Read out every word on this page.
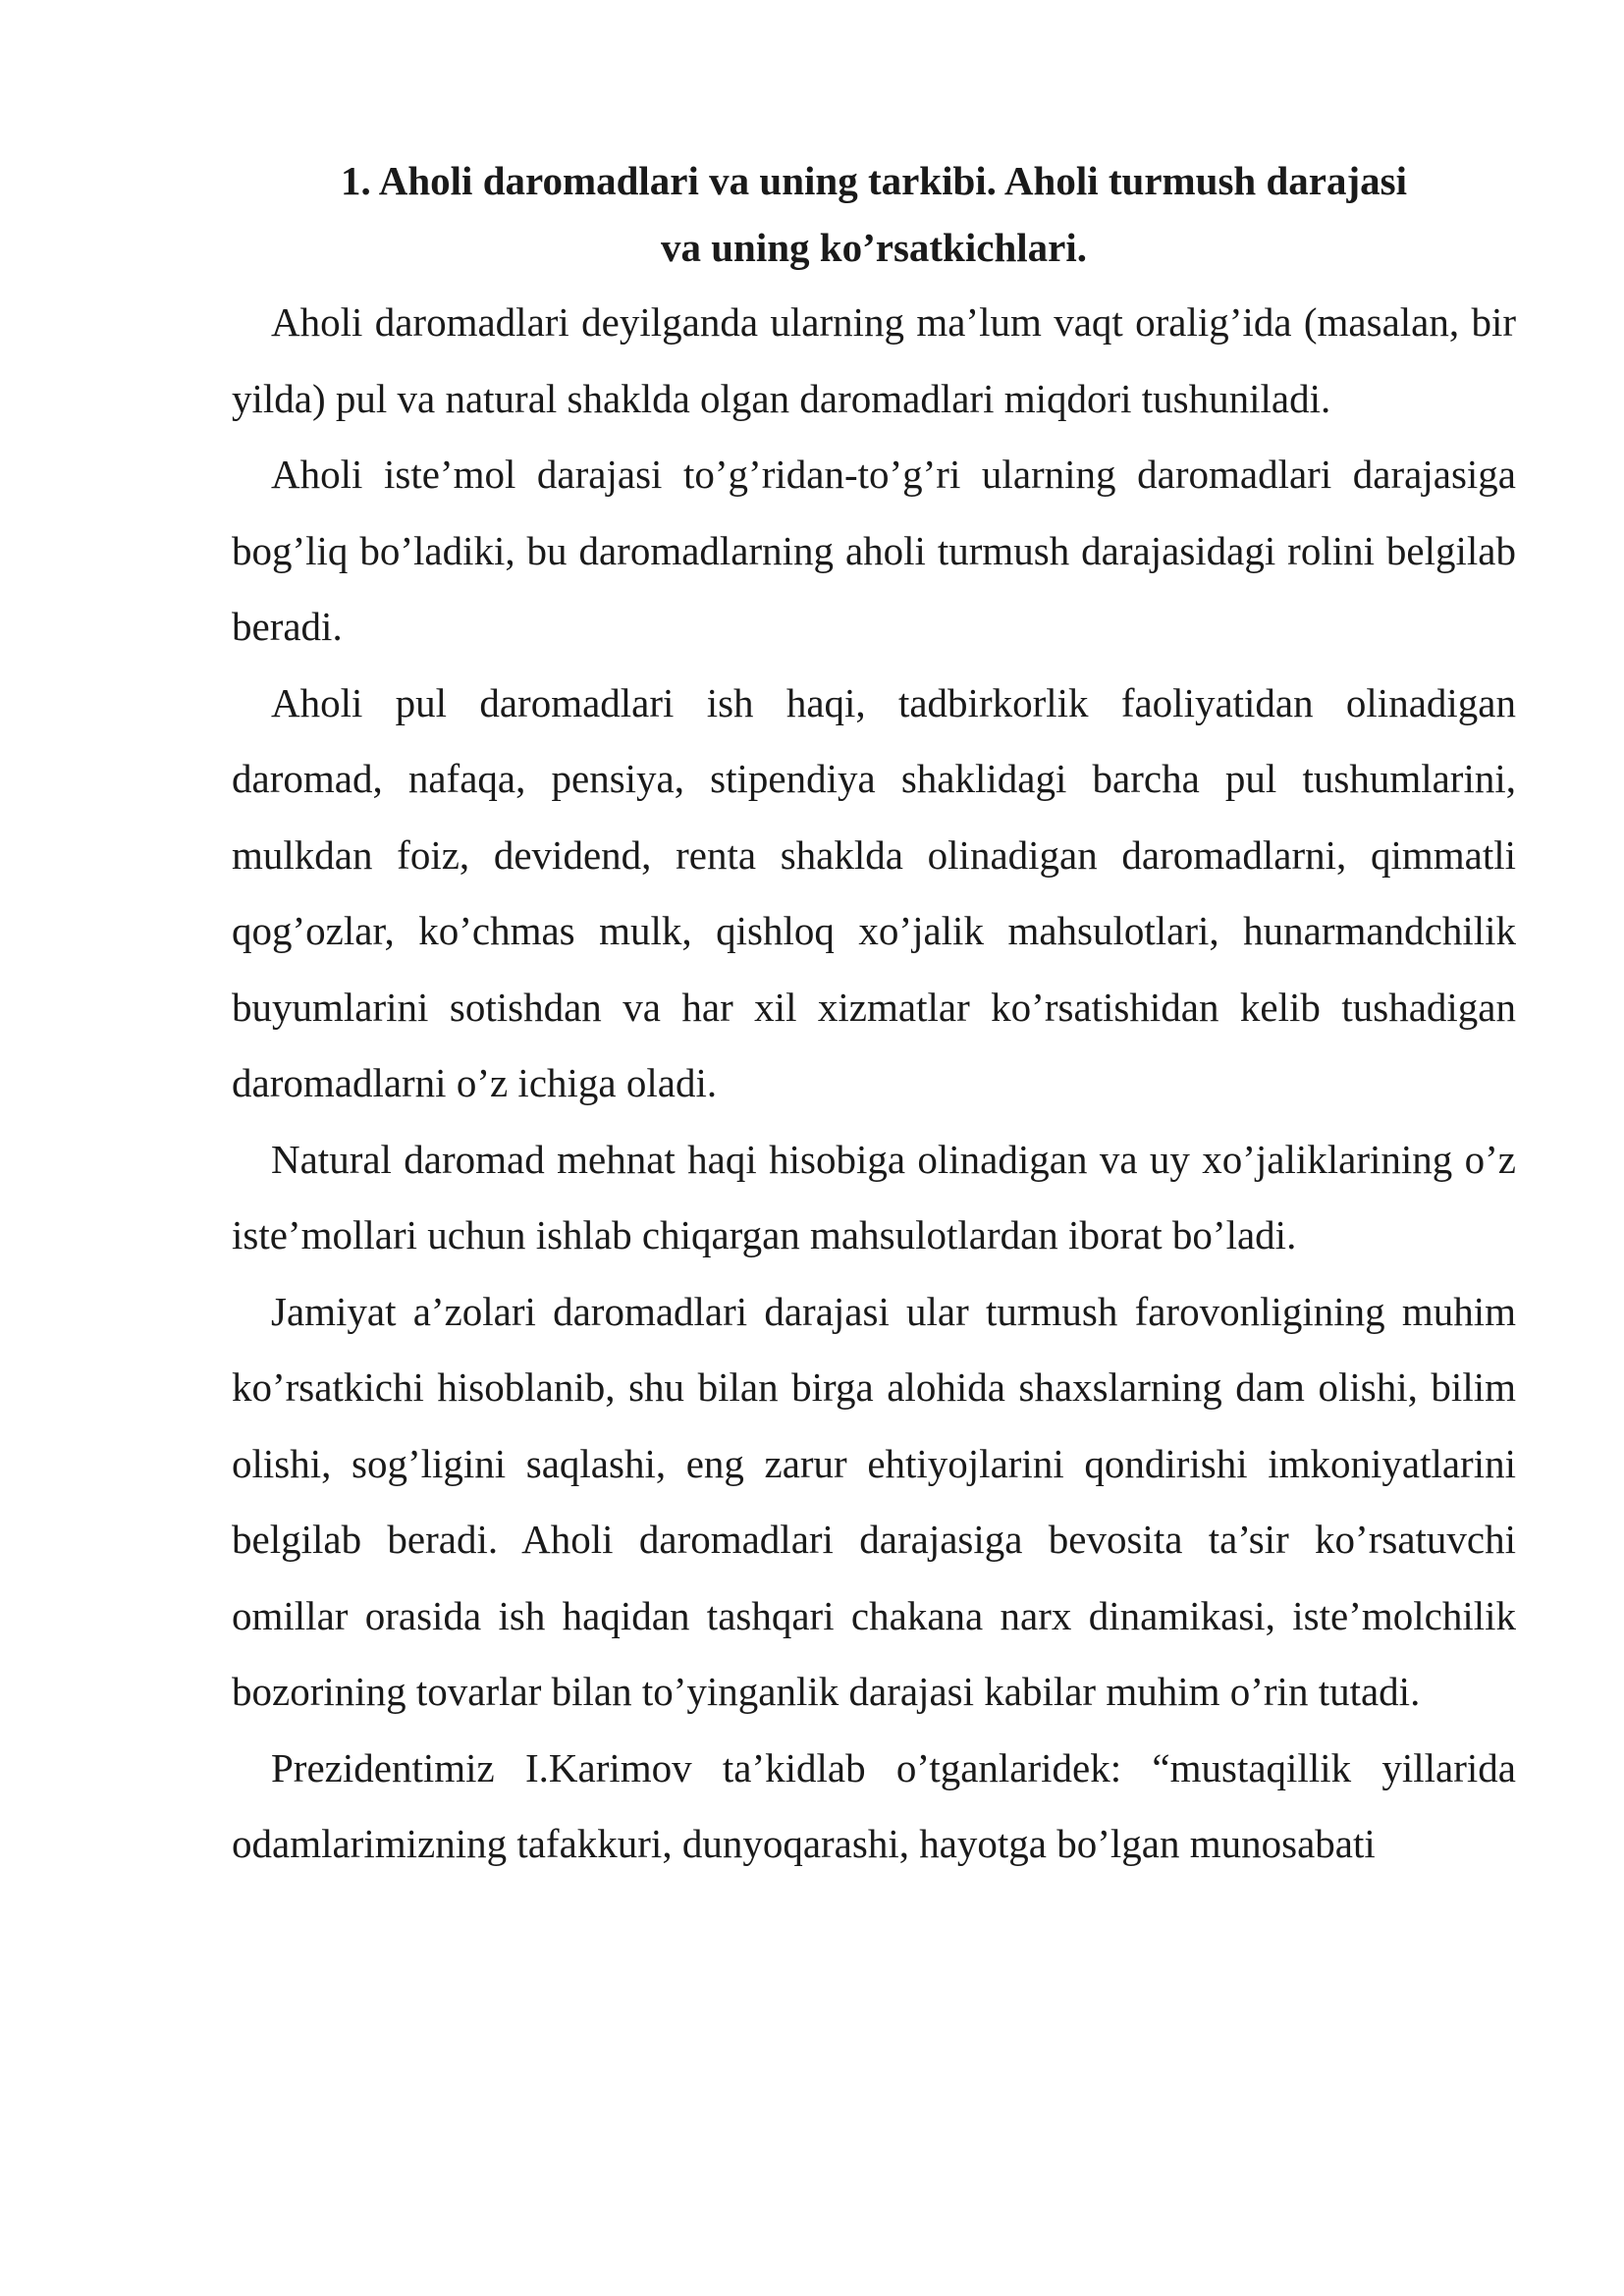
1. Aholi daromadlari va uning tarkibi. Aholi turmush darajasi
va uning ko’rsatkichlari.

Aholi daromadlari deyilganda ularning ma’lum vaqt oralig’ida (masalan, bir yilda) pul va natural shaklda olgan daromadlari miqdori tushuniladi.

Aholi iste’mol darajasi to’g’ridan-to’g’ri ularning daromadlari darajasiga bog’liq bo’ladiki, bu daromadlarning aholi turmush darajasidagi rolini belgilab beradi.

Aholi pul daromadlari ish haqi, tadbirkorlik faoliyatidan olinadigan daromad, nafaqa, pensiya, stipendiya shaklidagi barcha pul tushumlarini, mulkdan foiz, devidend, renta shaklda olinadigan daromadlarni, qimmatli qog’ozlar, ko’chmas mulk, qishloq xo’jalik mahsulotlari, hunarmandchilik buyumlarini sotishdan va har xil xizmatlar ko’rsatishidan kelib tushadigan daromadlarni o’z ichiga oladi.

Natural daromad mehnat haqi hisobiga olinadigan va uy xo’jaliklarining o’z iste’mollari uchun ishlab chiqargan mahsulotlardan iborat bo’ladi.

Jamiyat a’zolari daromadlari darajasi ular turmush farovonligining muhim ko’rsatkichi hisoblanib, shu bilan birga alohida shaxslarning dam olishi, bilim olishi, sog’ligini saqlashi, eng zarur ehtiyojlarini qondirishi imkoniyatlarini belgilab beradi. Aholi daromadlari darajasiga bevosita ta’sir ko’rsatuvchi omillar orasida ish haqidan tashqari chakana narx dinamikasi, iste’molchilik bozorining tovarlar bilan to’yinganlik darajasi kabilar muhim o’rin tutadi.

Prezidentimiz I.Karimov ta’kidlab o’tganlaridek: “mustaqillik yillarida odamlarimizning tafakkuri, dunyoqarashi, hayotga bo’lgan munosabati
